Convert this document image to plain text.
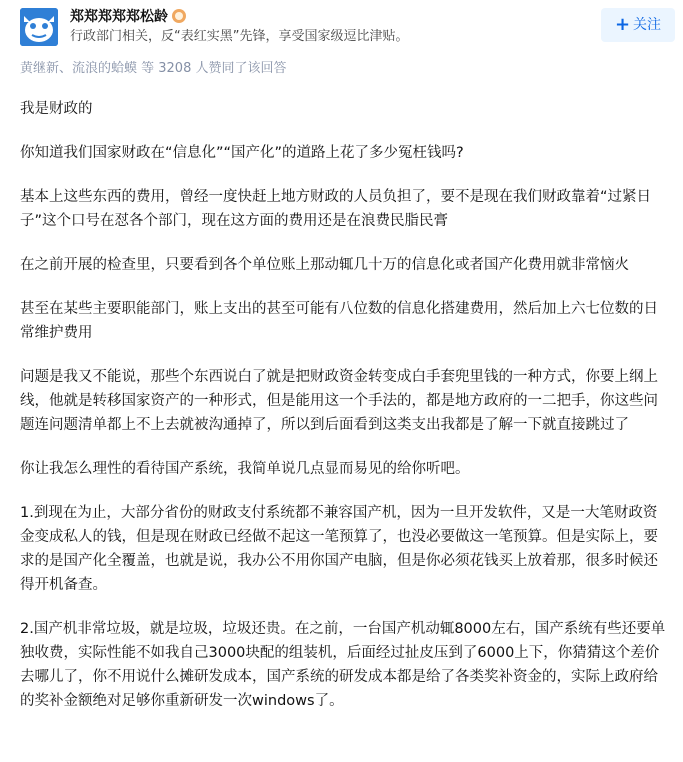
郑郑郑郑郑松龄
行政部门相关，反“表红实黑”先锋，享受国家级逗比津贴。
+ 关注
黄继新、流浪的蛤蟆 等 3208 人赞同了该回答

我是财政的

你知道我们国家财政在“信息化”“国产化”的道路上花了多少冤枉钱吗?

基本上这些东西的费用，曾经一度快赶上地方财政的人员负担了，要不是现在我们财政靠着“过紧日子”这个口号在怼各个部门，现在这方面的费用还是在浪费民脂民膏

在之前开展的检查里，只要看到各个单位账上那动辄几十万的信息化或者国产化费用就非常恼火

甚至在某些主要职能部门，账上支出的甚至可能有八位数的信息化搭建费用，然后加上六七位数的日常维护费用

问题是我又不能说，那些个东西说白了就是把财政资金转变成白手套兜里钱的一种方式，你要上纲上线，他就是转移国家资产的一种形式，但是能用这一个手法的，都是地方政府的一二把手，你这些问题连问题清单都上不上去就被沟通掉了，所以到后面看到这类支出我都是了解一下就直接跳过了

你让我怎么理性的看待国产系统，我简单说几点显而易见的给你听吧。

1.到现在为止，大部分省份的财政支付系统都不兼容国产机，因为一旦开发软件，又是一大笔财政资金变成私人的钱，但是现在财政已经做不起这一笔预算了，也没必要做这一笔预算。但是实际上，要求的是国产化全覆盖，也就是说，我办公不用你国产电脑，但是你必须花钱买上放着那，很多时候还得开机备查。

2.国产机非常垃圾，就是垃圾，垃圾还贵。在之前，一台国产机动辄8000左右，国产系统有些还要单独收费，实际性能不如我自己3000块配的组装机，后面经过扯皮压到了6000上下，你猜猜这个差价去哪儿了，你不用说什么摊研发成本，国产系统的研发成本都是给了各类奖补资金的，实际上政府给的奖补金额绝对足够你重新研发一次windows了。
